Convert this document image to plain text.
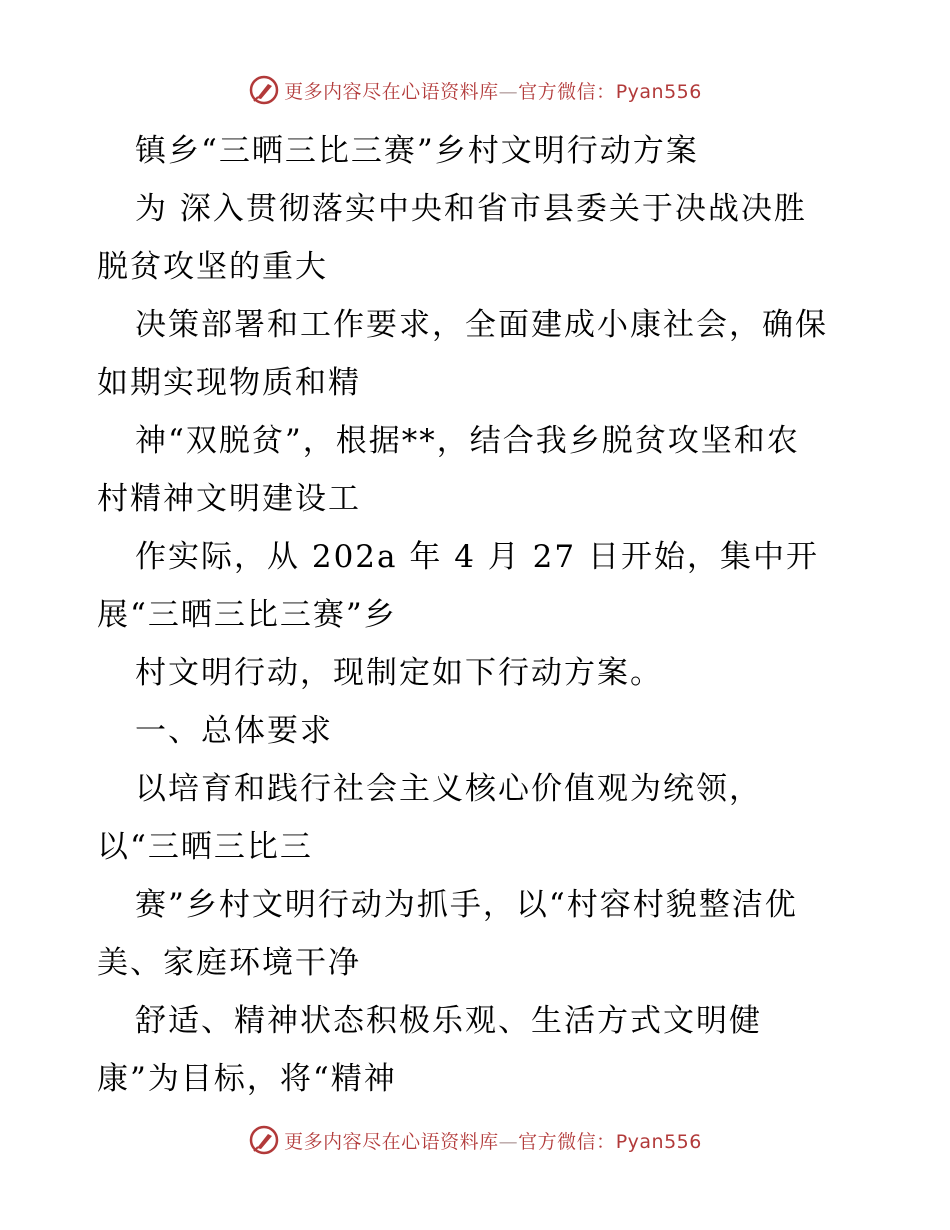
更多内容尽在心语资料库—官方微信：Pyan556
镇乡“三晒三比三赛”乡村文明行动方案
为 深入贯彻落实中央和省市县委关于决战决胜
脱贫攻坚的重大
决策部署和工作要求，全面建成小康社会，确保
如期实现物质和精
神“双脱贫”，根据**，结合我乡脱贫攻坚和农
村精神文明建设工
作实际，从 202a 年 4 月 27 日开始，集中开
展“三晒三比三赛”乡
村文明行动，现制定如下行动方案。
一、总体要求
以培育和践行社会主义核心价值观为统领，
以“三晒三比三
赛”乡村文明行动为抓手，以“村容村貌整洁优
美、家庭环境干净
舒适、精神状态积极乐观、生活方式文明健
康”为目标，将“精神
更多内容尽在心语资料库—官方微信：Pyan556
